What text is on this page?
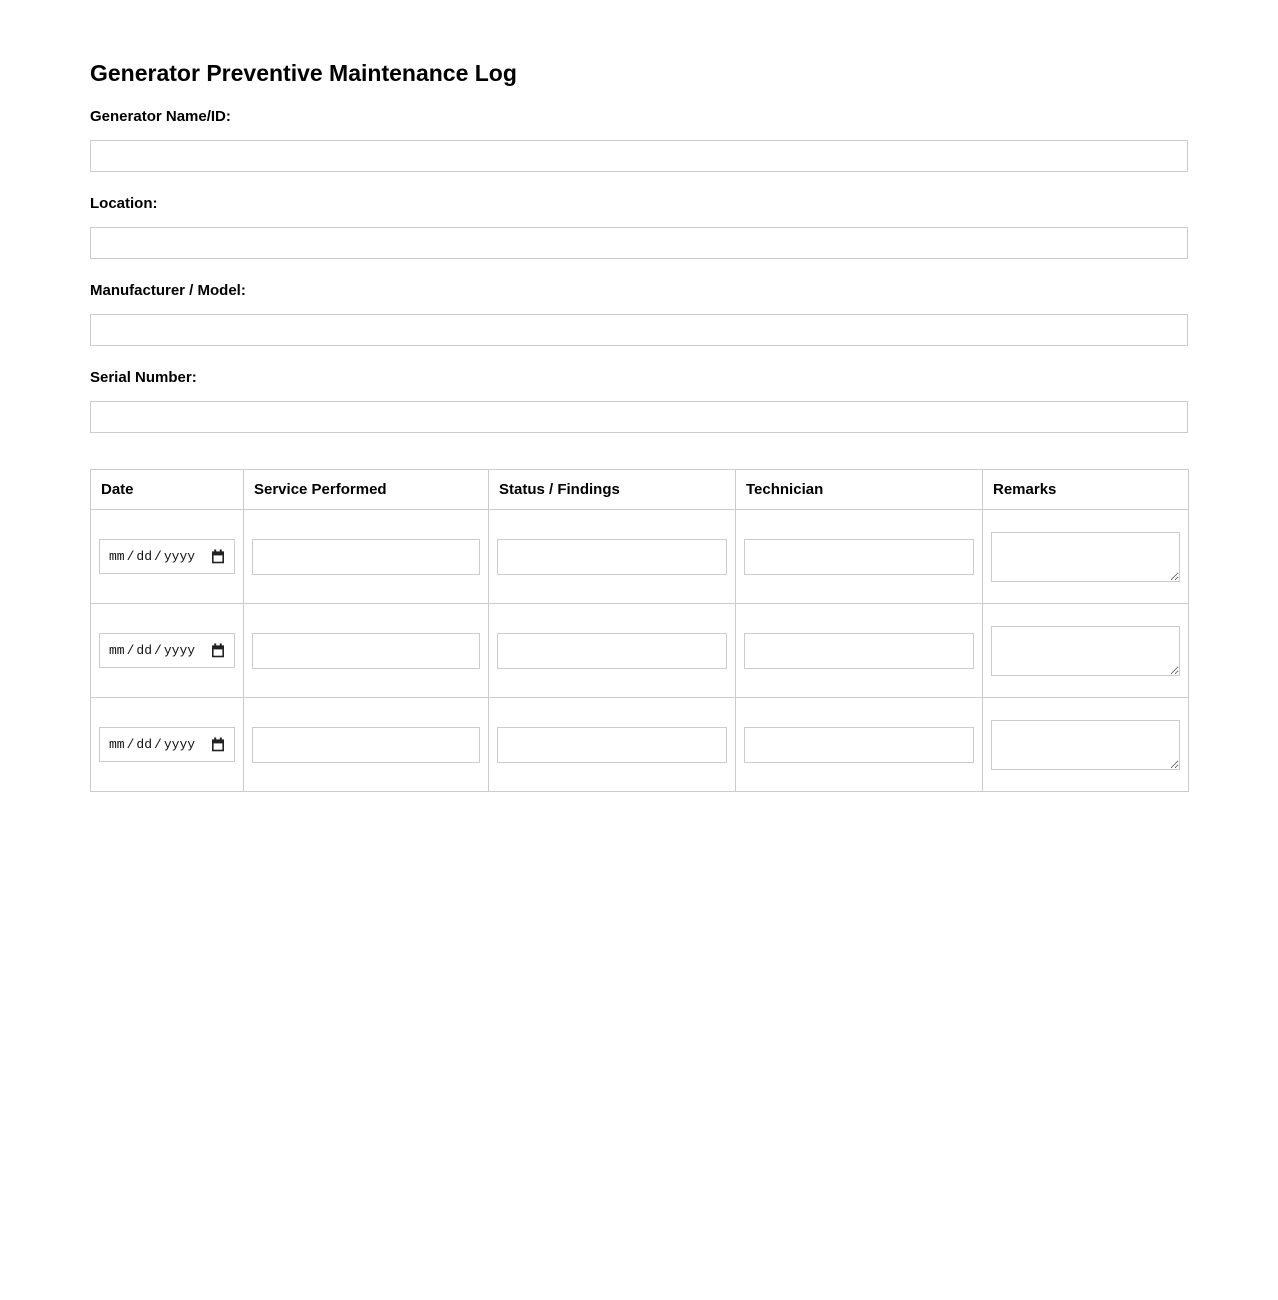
Generator Preventive Maintenance Log
Generator Name/ID:
Location:
Manufacturer / Model:
Serial Number:
Date	Service Performed	Status / Findings	Technician	Remarks

mm / dd / yyyy

mm / dd / yyyy

mm / dd / yyyy
